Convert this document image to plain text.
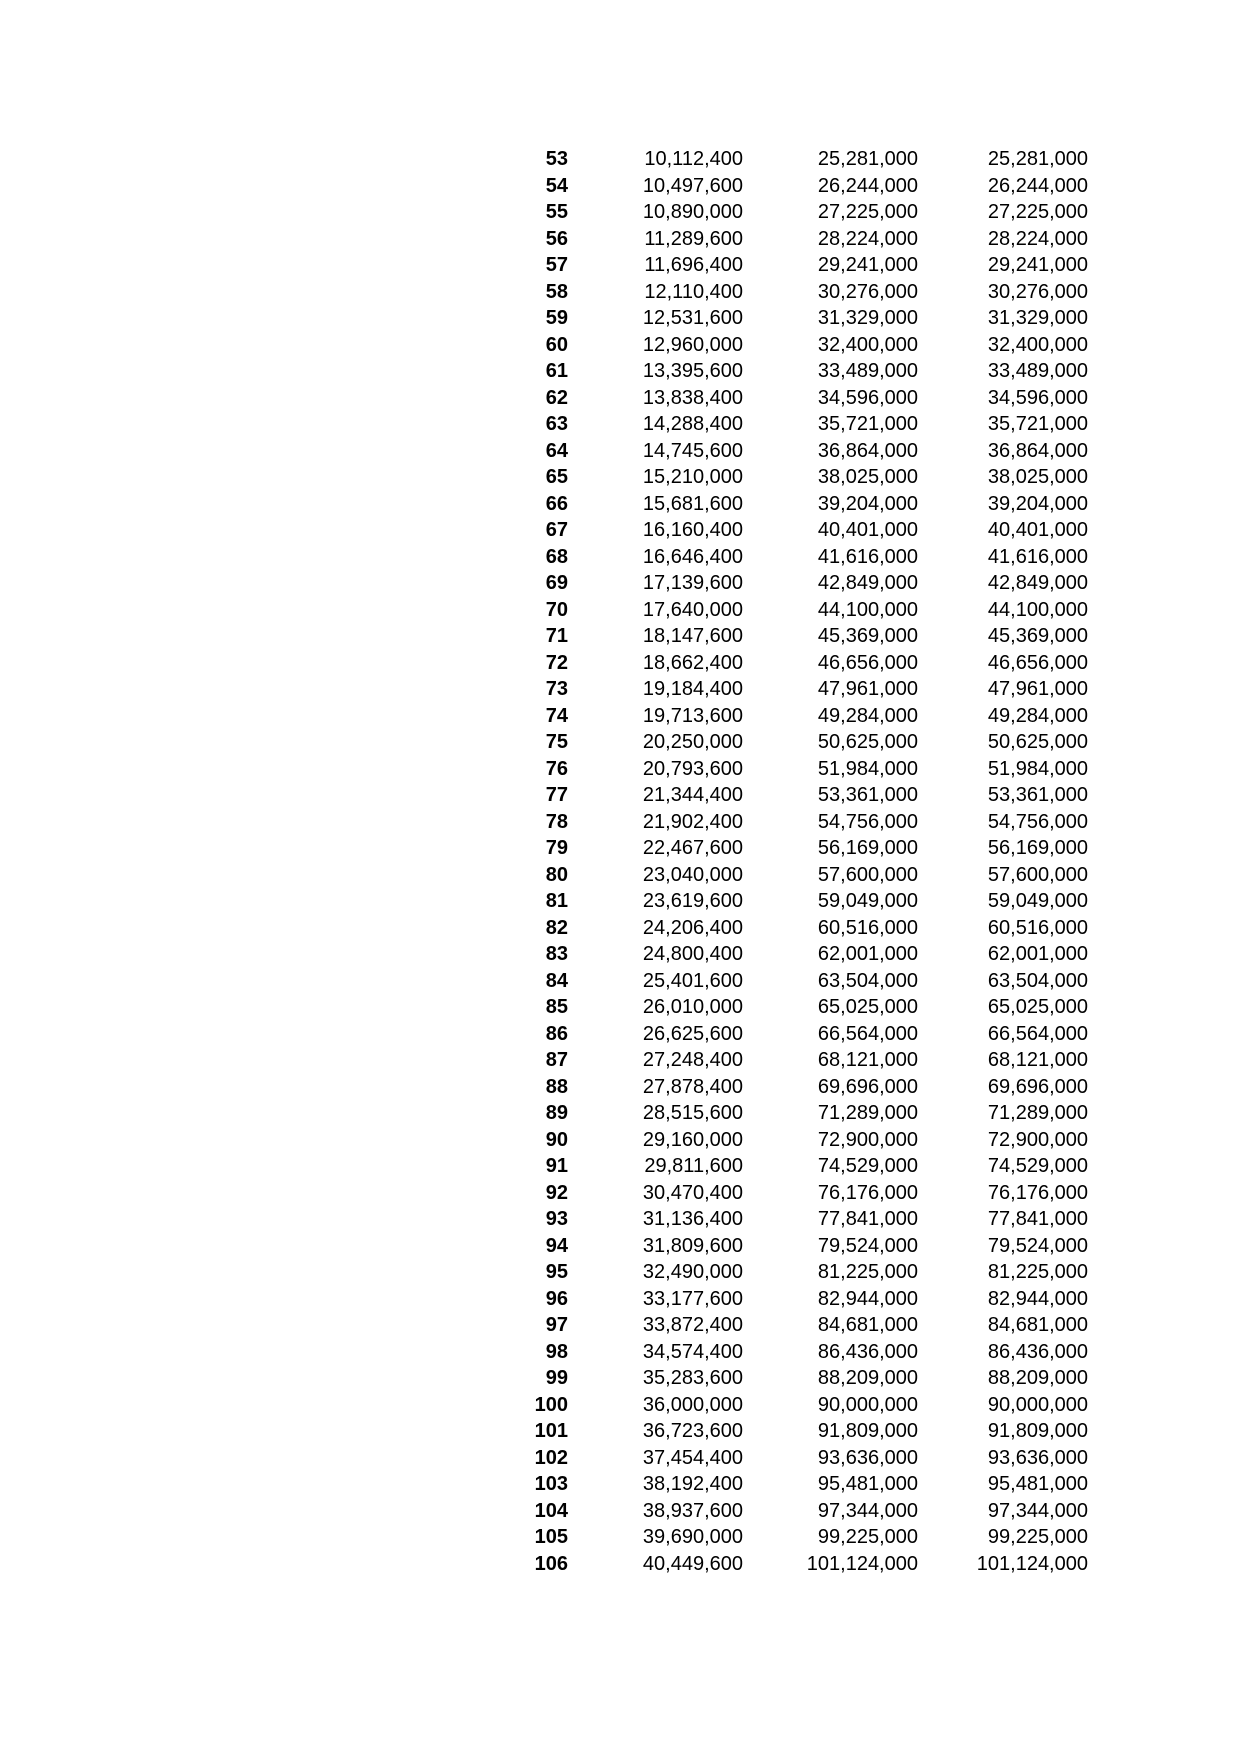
53	10,112,400	25,281,000	25,281,000
54	10,497,600	26,244,000	26,244,000
55	10,890,000	27,225,000	27,225,000
56	11,289,600	28,224,000	28,224,000
57	11,696,400	29,241,000	29,241,000
58	12,110,400	30,276,000	30,276,000
59	12,531,600	31,329,000	31,329,000
60	12,960,000	32,400,000	32,400,000
61	13,395,600	33,489,000	33,489,000
62	13,838,400	34,596,000	34,596,000
63	14,288,400	35,721,000	35,721,000
64	14,745,600	36,864,000	36,864,000
65	15,210,000	38,025,000	38,025,000
66	15,681,600	39,204,000	39,204,000
67	16,160,400	40,401,000	40,401,000
68	16,646,400	41,616,000	41,616,000
69	17,139,600	42,849,000	42,849,000
70	17,640,000	44,100,000	44,100,000
71	18,147,600	45,369,000	45,369,000
72	18,662,400	46,656,000	46,656,000
73	19,184,400	47,961,000	47,961,000
74	19,713,600	49,284,000	49,284,000
75	20,250,000	50,625,000	50,625,000
76	20,793,600	51,984,000	51,984,000
77	21,344,400	53,361,000	53,361,000
78	21,902,400	54,756,000	54,756,000
79	22,467,600	56,169,000	56,169,000
80	23,040,000	57,600,000	57,600,000
81	23,619,600	59,049,000	59,049,000
82	24,206,400	60,516,000	60,516,000
83	24,800,400	62,001,000	62,001,000
84	25,401,600	63,504,000	63,504,000
85	26,010,000	65,025,000	65,025,000
86	26,625,600	66,564,000	66,564,000
87	27,248,400	68,121,000	68,121,000
88	27,878,400	69,696,000	69,696,000
89	28,515,600	71,289,000	71,289,000
90	29,160,000	72,900,000	72,900,000
91	29,811,600	74,529,000	74,529,000
92	30,470,400	76,176,000	76,176,000
93	31,136,400	77,841,000	77,841,000
94	31,809,600	79,524,000	79,524,000
95	32,490,000	81,225,000	81,225,000
96	33,177,600	82,944,000	82,944,000
97	33,872,400	84,681,000	84,681,000
98	34,574,400	86,436,000	86,436,000
99	35,283,600	88,209,000	88,209,000
100	36,000,000	90,000,000	90,000,000
101	36,723,600	91,809,000	91,809,000
102	37,454,400	93,636,000	93,636,000
103	38,192,400	95,481,000	95,481,000
104	38,937,600	97,344,000	97,344,000
105	39,690,000	99,225,000	99,225,000
106	40,449,600	101,124,000	101,124,000
